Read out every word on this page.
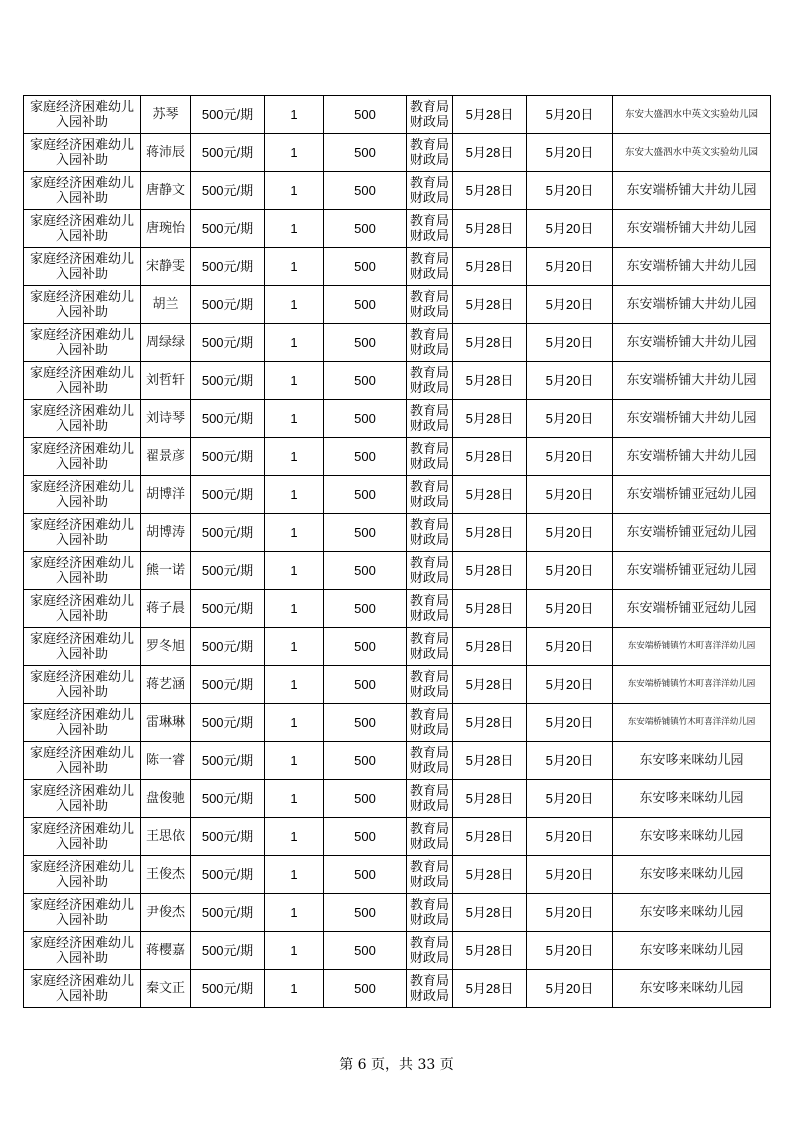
家庭经济困难幼儿入园补助	苏琴	500元/期	1	500	教育局财政局	5月28日	5月20日	东安大盛泗水中英文实验幼儿园
家庭经济困难幼儿入园补助	蒋沛辰	500元/期	1	500	教育局财政局	5月28日	5月20日	东安大盛泗水中英文实验幼儿园
家庭经济困难幼儿入园补助	唐静文	500元/期	1	500	教育局财政局	5月28日	5月20日	东安端桥铺大井幼儿园
家庭经济困难幼儿入园补助	唐琬怡	500元/期	1	500	教育局财政局	5月28日	5月20日	东安端桥铺大井幼儿园
家庭经济困难幼儿入园补助	宋静雯	500元/期	1	500	教育局财政局	5月28日	5月20日	东安端桥铺大井幼儿园
家庭经济困难幼儿入园补助	胡兰	500元/期	1	500	教育局财政局	5月28日	5月20日	东安端桥铺大井幼儿园
家庭经济困难幼儿入园补助	周绿绿	500元/期	1	500	教育局财政局	5月28日	5月20日	东安端桥铺大井幼儿园
家庭经济困难幼儿入园补助	刘哲轩	500元/期	1	500	教育局财政局	5月28日	5月20日	东安端桥铺大井幼儿园
家庭经济困难幼儿入园补助	刘诗琴	500元/期	1	500	教育局财政局	5月28日	5月20日	东安端桥铺大井幼儿园
家庭经济困难幼儿入园补助	翟景彦	500元/期	1	500	教育局财政局	5月28日	5月20日	东安端桥铺大井幼儿园
家庭经济困难幼儿入园补助	胡博洋	500元/期	1	500	教育局财政局	5月28日	5月20日	东安端桥铺亚冠幼儿园
家庭经济困难幼儿入园补助	胡博涛	500元/期	1	500	教育局财政局	5月28日	5月20日	东安端桥铺亚冠幼儿园
家庭经济困难幼儿入园补助	熊一诺	500元/期	1	500	教育局财政局	5月28日	5月20日	东安端桥铺亚冠幼儿园
家庭经济困难幼儿入园补助	蒋子晨	500元/期	1	500	教育局财政局	5月28日	5月20日	东安端桥铺亚冠幼儿园
家庭经济困难幼儿入园补助	罗冬旭	500元/期	1	500	教育局财政局	5月28日	5月20日	东安端桥铺镇竹木町喜洋洋幼儿园
家庭经济困难幼儿入园补助	蒋艺涵	500元/期	1	500	教育局财政局	5月28日	5月20日	东安端桥铺镇竹木町喜洋洋幼儿园
家庭经济困难幼儿入园补助	雷琳琳	500元/期	1	500	教育局财政局	5月28日	5月20日	东安端桥铺镇竹木町喜洋洋幼儿园
家庭经济困难幼儿入园补助	陈一睿	500元/期	1	500	教育局财政局	5月28日	5月20日	东安哆来咪幼儿园
家庭经济困难幼儿入园补助	盘俊驰	500元/期	1	500	教育局财政局	5月28日	5月20日	东安哆来咪幼儿园
家庭经济困难幼儿入园补助	王思依	500元/期	1	500	教育局财政局	5月28日	5月20日	东安哆来咪幼儿园
家庭经济困难幼儿入园补助	王俊杰	500元/期	1	500	教育局财政局	5月28日	5月20日	东安哆来咪幼儿园
家庭经济困难幼儿入园补助	尹俊杰	500元/期	1	500	教育局财政局	5月28日	5月20日	东安哆来咪幼儿园
家庭经济困难幼儿入园补助	蒋樱嘉	500元/期	1	500	教育局财政局	5月28日	5月20日	东安哆来咪幼儿园
家庭经济困难幼儿入园补助	秦文正	500元/期	1	500	教育局财政局	5月28日	5月20日	东安哆来咪幼儿园
第 6 页，共 33 页
